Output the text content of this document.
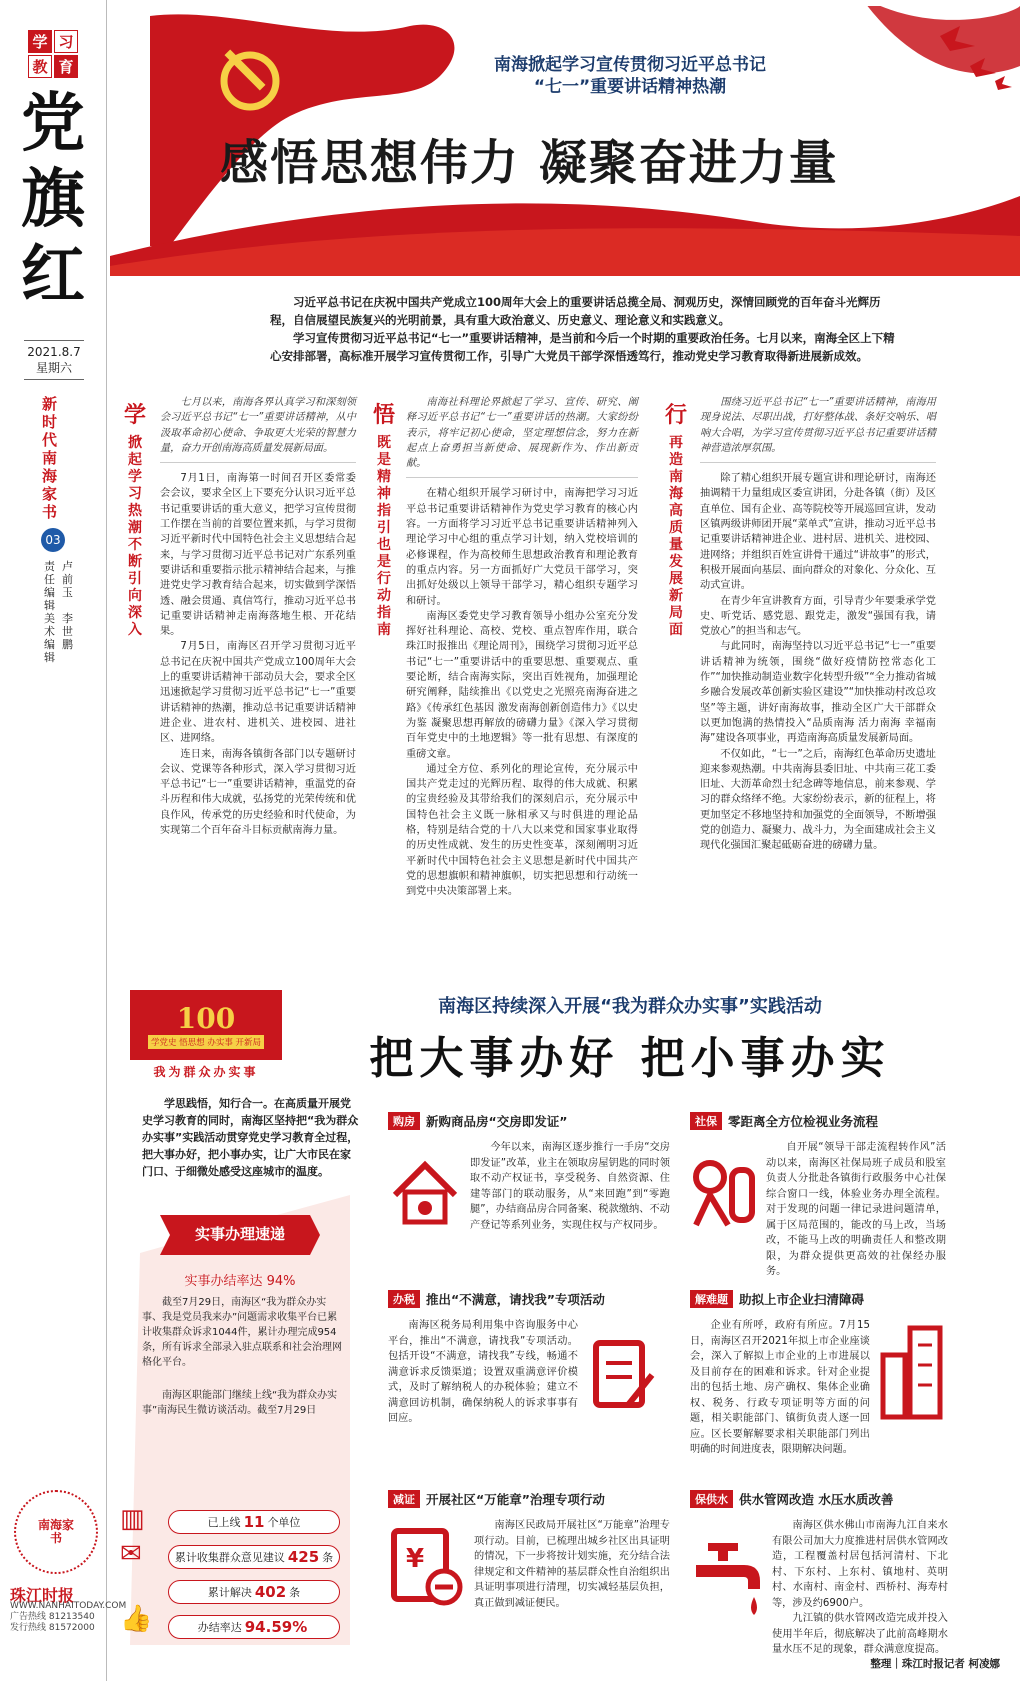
学 习
教 育
党旗红
2021.8.7
星期六
新时代南海家书
03
责任编辑卢前玉美术编辑李世鹏
南海家书
珠江时报
WWW.NANHAITODAY.COM
广告热线 81213540
发行热线 81572000
南海掀起学习宣传贯彻习近平总书记
“七一”重要讲话精神热潮
感悟思想伟力 凝聚奋进力量

习近平总书记在庆祝中国共产党成立100周年大会上的重要讲话总揽全局、洞观历史，深情回顾党的百年奋斗光辉历程，自信展望民族复兴的光明前景，具有重大政治意义、历史意义、理论意义和实践意义。

学习宣传贯彻习近平总书记“七一”重要讲话精神，是当前和今后一个时期的重要政治任务。七月以来，南海全区上下精心安排部署，高标准开展学习宣传贯彻工作，引导广大党员干部学深悟透笃行，推动党史学习教育取得新进展新成效。

学
掀起学习热潮不断引向深入

七月以来，南海各界认真学习和深刻领会习近平总书记“七一”重要讲话精神，从中汲取革命初心使命、争取更大光荣的智慧力量，奋力开创南海高质量发展新局面。

7月1日，南海第一时间召开区委常委会会议，要求全区上下要充分认识习近平总书记重要讲话的重大意义，把学习宣传贯彻工作摆在当前的首要位置来抓，与学习贯彻习近平新时代中国特色社会主义思想结合起来，与学习贯彻习近平总书记对广东系列重要讲话和重要指示批示精神结合起来，与推进党史学习教育结合起来，切实做到学深悟透、融会贯通、真信笃行，推动习近平总书记重要讲话精神走南海落地生根、开花结果。

7月5日，南海区召开学习贯彻习近平总书记在庆祝中国共产党成立100周年大会上的重要讲话精神干部动员大会，要求全区迅速掀起学习贯彻习近平总书记“七一”重要讲话精神的热潮，推动总书记重要讲话精神进企业、进农村、进机关、进校园、进社区、进网络。

连日来，南海各镇街各部门以专题研讨会议、党课等各种形式，深入学习贯彻习近平总书记“七一”重要讲话精神，重温党的奋斗历程和伟大成就，弘扬党的光荣传统和优良作风，传承党的历史经验和时代使命，为实现第二个百年奋斗目标贡献南海力量。

悟
既是精神指引也是行动指南

南海社科理论界掀起了学习、宣传、研究、阐释习近平总书记“七一”重要讲话的热潮。大家纷纷表示，将牢记初心使命，坚定理想信念，努力在新起点上奋勇担当新使命、展现新作为、作出新贡献。

在精心组织开展学习研讨中，南海把学习习近平总书记重要讲话精神作为党史学习教育的核心内容。一方面将学习习近平总书记重要讲话精神列入理论学习中心组的重点学习计划，纳入党校培训的必修课程，作为高校师生思想政治教育和理论教育的重点内容。另一方面抓好广大党员干部学习，突出抓好处级以上领导干部学习，精心组织专题学习和研讨。

南海区委党史学习教育领导小组办公室充分发挥好社科理论、高校、党校、重点智库作用，联合珠江时报推出《理论周刊》，围绕学习贯彻习近平总书记“七一”重要讲话中的重要思想、重要观点、重要论断，结合南海实际，突出百姓视角，加强理论研究阐释，陆续推出《以党史之光照亮南海奋进之路》《传承红色基因 激发南海创新创造伟力》《以史为鉴 凝聚思想再解放的磅礴力量》《深入学习贯彻百年党史中的土地逻辑》等一批有思想、有深度的重磅文章。

通过全方位、系列化的理论宣传，充分展示中国共产党走过的光辉历程、取得的伟大成就、积累的宝贵经验及其带给我们的深刻启示，充分展示中国特色社会主义既一脉相承又与时俱进的理论品格，特别是结合党的十八大以来党和国家事业取得的历史性成就、发生的历史性变革，深刻阐明习近平新时代中国特色社会主义思想是新时代中国共产党的思想旗帜和精神旗帜，切实把思想和行动统一到党中央决策部署上来。

行
再造南海高质量发展新局面

围绕习近平总书记“七一”重要讲话精神，南海用现身说法、尽职出战，打好整体战、条好交响乐、唱响大合唱，为学习宣传贯彻习近平总书记重要讲话精神营造浓厚氛围。

除了精心组织开展专题宣讲和理论研讨，南海还抽调精干力量组成区委宣讲团，分赴各镇（街）及区直单位、国有企业、高等院校等开展巡回宣讲，发动区镇两级讲师团开展“菜单式”宣讲，推动习近平总书记重要讲话精神进企业、进村居、进机关、进校园、进网络；并组织百姓宣讲骨干通过“讲故事”的形式，积极开展面向基层、面向群众的对象化、分众化、互动式宣讲。

在青少年宣讲教育方面，引导青少年要秉承学党史、听党话、感党恩、跟党走，激发“强国有我，请党放心”的担当和志气。

与此同时，南海坚持以习近平总书记“七一”重要讲话精神为统领，围绕“做好疫情防控常态化工作”“加快推动制造业数字化转型升级”“全力推动省城乡融合发展改革创新实验区建设”“加快推动村改总攻坚”等主题，讲好南海故事，推动全区广大干部群众以更加饱满的热情投入“品质南海 活力南海 幸福南海”建设各项事业，再造南海高质量发展新局面。

不仅如此，“七一”之后，南海红色革命历史遗址迎来参观热潮。中共南海县委旧址、中共南三花工委旧址、大沥革命烈士纪念碑等地信息，前来参观、学习的群众络绎不绝。大家纷纷表示，新的征程上，将更加坚定不移地坚持和加强党的全面领导，不断增强党的创造力、凝聚力、战斗力，为全面建成社会主义现代化强国汇聚起砥砺奋进的磅礴力量。

100
学党史 悟思想 办实事 开新局
我为群众办实事
南海区持续深入开展“我为群众办实事”实践活动
把大事办好 把小事办实
学思践悟，知行合一。在高质量开展党史学习教育的同时，南海区坚持把“我为群众办实事”实践活动贯穿党史学习教育全过程，把大事办好，把小事办实，让广大市民在家门口、于细微处感受这座城市的温度。
实事办理速递
实事办结率达 94%
截至7月29日，南海区“我为群众办实事、我是党员我来办”问题需求收集平台已累计收集群众诉求1044件，累计办理完成954条，所有诉求全部录入驻点联系和社会治理网格化平台。
南海区职能部门继续上线“我为群众办实事”南海民生微访谈活动。截至7月29日
▥	已上线 11 个单位
✉	累计收集群众意见建议 425 条
累计解决 402 条
👍	办结率达 94.59%
购房 新购商品房“交房即发证”

今年以来，南海区逐步推行一手房“交房即发证”改革，业主在领取房屋钥匙的同时领取不动产权证书，享受税务、自然资源、住建等部门的联动服务，从“来回跑”到“零跑腿”，办结商品房合同备案、税款缴纳、不动产登记等系列业务，实现住权与产权同步。

社保 零距离全方位检视业务流程

自开展“领导干部走流程转作风”活动以来，南海区社保局班子成员和股室负责人分批赴各镇街行政服务中心社保综合窗口一线，体验业务办理全流程。对于发现的问题一律记录进问题清单，属于区局范围的，能改的马上改，当场改，不能马上改的明确责任人和整改期限，为群众提供更高效的社保经办服务。

办税 推出“不满意，请找我”专项活动

南海区税务局利用集中咨询服务中心平台，推出“不满意，请找我”专项活动。包括开设“不满意，请找我”专线，畅通不满意诉求反馈渠道；设置双重满意评价模式，及时了解纳税人的办税体验；建立不满意回访机制，确保纳税人的诉求事事有回应。

解难题 助拟上市企业扫清障碍

企业有所呼，政府有所应。7月15日，南海区召开2021年拟上市企业座谈会，深入了解拟上市企业的上市进展以及目前存在的困难和诉求。针对企业提出的包括土地、房产确权、集体企业确权、税务、行政专项证明等方面的问题，相关职能部门、镇街负责人逐一回应。区长要解解要求相关职能部门列出明确的时间进度表，限期解决问题。

减证 开展社区“万能章”治理专项行动
¥

南海区民政局开展社区“万能章”治理专项行动。目前，已梳理出城乡社区出具证明的情况，下一步将按计划实施，充分结合法律规定和文件精神的基层群众性自治组织出具证明事项进行清理，切实减轻基层负担，真正做到减证便民。

保供水 供水管网改造 水压水质改善

南海区供水佛山市南海九江自来水有限公司加大力度推进村居供水管网改造，工程覆盖村居包括河清村、下北村、下东村、上东村、镇地村、英明村、水南村、南金村、西桥村、海寿村等，涉及约6900户。

九江镇的供水管网改造完成并投入使用半年后，彻底解决了此前高峰期水量水压不足的现象，群众满意度提高。

整理｜珠江时报记者 柯凌娜
